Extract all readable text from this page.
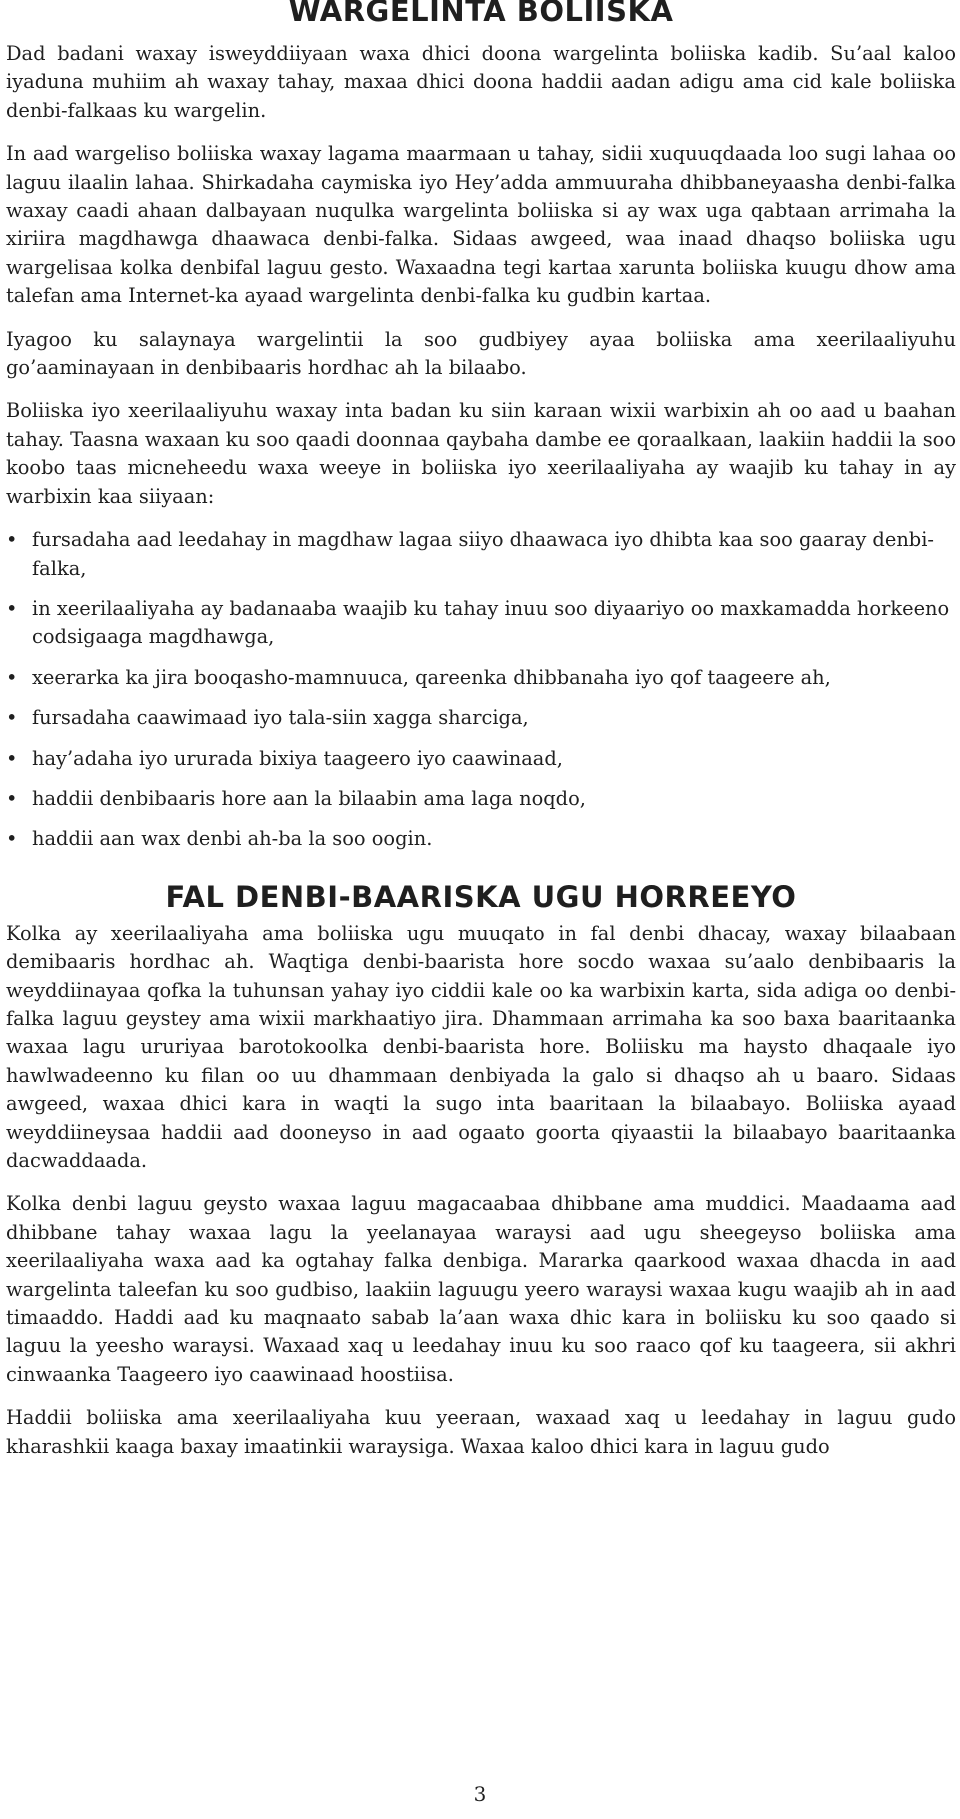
WARGELINTA BOLIISKA

Dad badani waxay isweyddiiyaan waxa dhici doona wargelinta boliiska kadib. Su’aal kaloo iyaduna muhiim ah waxay tahay, maxaa dhici doona haddii aadan adigu ama cid kale boliiska denbi-falkaas ku wargelin.

In aad wargeliso boliiska waxay lagama maarmaan u tahay, sidii xuquuqdaada loo sugi lahaa oo laguu ilaalin lahaa. Shirkadaha caymiska iyo Hey’adda ammuuraha dhibbaneyaasha denbi-falka waxay caadi ahaan dalbayaan nuqulka wargelinta boliiska si ay wax uga qabtaan arrimaha la xiriira magdhawga dhaawaca denbi-falka. Sidaas awgeed, waa inaad dhaqso boliiska ugu wargelisaa kolka denbifal laguu gesto. Waxaadna tegi kartaa xarunta boliiska kuugu dhow ama talefan ama Internet-ka ayaad wargelinta denbi-falka ku gudbin kartaa.

Iyagoo ku salaynaya wargelintii la soo gudbiyey ayaa boliiska ama xeerilaaliyuhu go’aaminayaan in denbibaaris hordhac ah la bilaabo.

Boliiska iyo xeerilaaliyuhu waxay inta badan ku siin karaan wixii warbixin ah oo aad u baahan tahay. Taasna waxaan ku soo qaadi doonnaa qaybaha dambe ee qoraalkaan, laakiin haddii la soo koobo taas micneheedu waxa weeye in boliiska iyo xeerilaaliyaha ay waajib ku tahay in ay warbixin kaa siiyaan:

• fursadaha aad leedahay in magdhaw lagaa siiyo dhaawaca iyo dhibta kaa soo gaaray denbi-falka,
• in xeerilaaliyaha ay badanaaba waajib ku tahay inuu soo diyaariyo oo maxkamadda horkeeno codsigaaga magdhawga,
• xeerarka ka jira booqasho-mamnuuca, qareenka dhibbanaha iyo qof taageere ah,
• fursadaha caawimaad iyo tala-siin xagga sharciga,
• hay’adaha iyo ururada bixiya taageero iyo caawinaad,
• haddii denbibaaris hore aan la bilaabin ama laga noqdo,
• haddii aan wax denbi ah-ba la soo oogin.
FAL DENBI-BAARISKA UGU HORREEYO

Kolka ay xeerilaaliyaha ama boliiska ugu muuqato in fal denbi dhacay, waxay bilaabaan demibaaris hordhac ah. Waqtiga denbi-baarista hore socdo waxaa su’aalo denbibaaris la weyddiinayaa qofka la tuhunsan yahay iyo ciddii kale oo ka warbixin karta, sida adiga oo denbi-falka laguu geystey ama wixii markhaatiyo jira. Dhammaan arrimaha ka soo baxa baaritaanka waxaa lagu ururiyaa barotokoolka denbi-baarista hore. Boliisku ma haysto dhaqaale iyo hawlwadeenno ku filan oo uu dhammaan denbiyada la galo si dhaqso ah u baaro. Sidaas awgeed, waxaa dhici kara in waqti la sugo inta baaritaan la bilaabayo. Boliiska ayaad weyddiineysaa haddii aad dooneyso in aad ogaato goorta qiyaastii la bilaabayo baaritaanka dacwaddaada.

Kolka denbi laguu geysto waxaa laguu magacaabaa dhibbane ama muddici. Maadaama aad dhibbane tahay waxaa lagu la yeelanayaa waraysi aad ugu sheegeyso boliiska ama xeerilaaliyaha waxa aad ka ogtahay falka denbiga. Mararka qaarkood waxaa dhacda in aad wargelinta taleefan ku soo gudbiso, laakiin laguugu yeero waraysi waxaa kugu waajib ah in aad timaaddo. Haddi aad ku maqnaato sabab la’aan waxa dhic kara in boliisku ku soo qaado si laguu la yeesho waraysi. Waxaad xaq u leedahay inuu ku soo raaco qof ku taageera, sii akhri cinwaanka Taageero iyo caawinaad hoostiisa.

Haddii boliiska ama xeerilaaliyaha kuu yeeraan, waxaad xaq u leedahay in laguu gudo kharashkii kaaga baxay imaatinkii waraysiga. Waxaa kaloo dhici kara in laguu gudo

3
